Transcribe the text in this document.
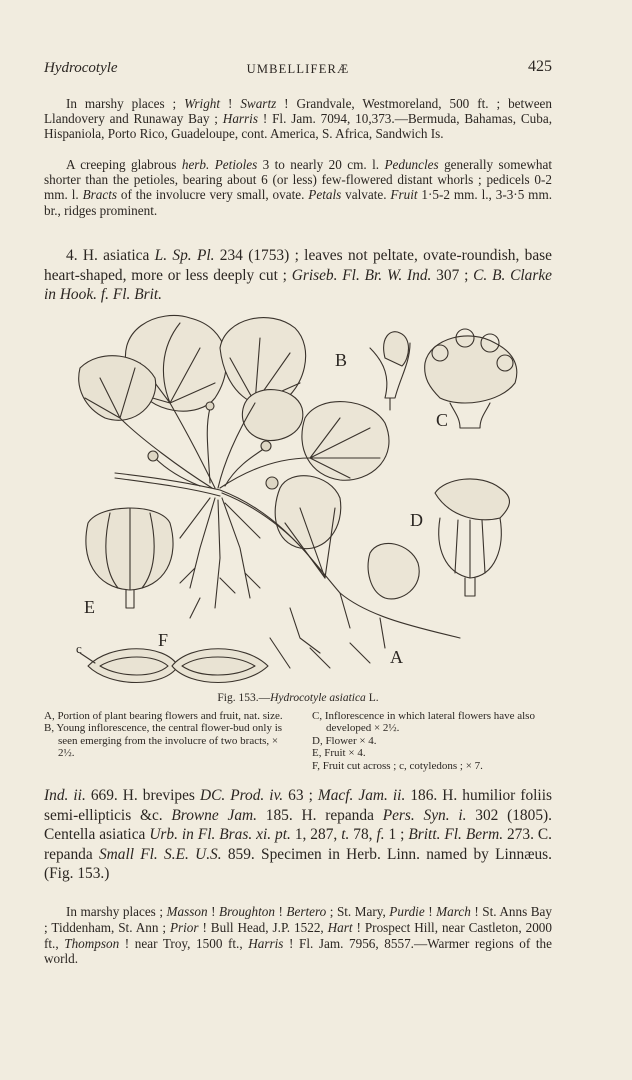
Hydrocotyle	UMBELLIFERÆ	425

In marshy places ; Wright ! Swartz ! Grandvale, Westmoreland, 500 ft. ; between Llandovery and Runaway Bay ; Harris ! Fl. Jam. 7094, 10,373.—Bermuda, Bahamas, Cuba, Hispaniola, Porto Rico, Guadeloupe, cont. America, S. Africa, Sandwich Is.

A creeping glabrous herb. Petioles 3 to nearly 20 cm. l. Peduncles generally somewhat shorter than the petioles, bearing about 6 (or less) few-flowered distant whorls ; pedicels 0-2 mm. l. Bracts of the involucre very small, ovate. Petals valvate. Fruit 1·5-2 mm. l., 3-3·5 mm. br., ridges prominent.

4. H. asiatica L. Sp. Pl. 234 (1753) ; leaves not peltate, ovate-roundish, base heart-shaped, more or less deeply cut ; Griseb. Fl. Br. W. Ind. 307 ; C. B. Clarke in Hook. f. Fl. Brit.

B
C
D
E
F
A
c
Fig. 153.—Hydrocotyle asiatica L.
A, Portion of plant bearing flowers and fruit, nat. size.
B, Young inflorescence, the central flower-bud only is seen emerging from the involucre of two bracts, × 2½.
C, Inflorescence in which lateral flowers have also developed × 2½.
D, Flower × 4.
E, Fruit × 4.
F, Fruit cut across ; c, cotyledons ; × 7.

Ind. ii. 669. H. brevipes DC. Prod. iv. 63 ; Macf. Jam. ii. 186. H. humilior foliis semi-ellipticis &c. Browne Jam. 185. H. repanda Pers. Syn. i. 302 (1805). Centella asiatica Urb. in Fl. Bras. xi. pt. 1, 287, t. 78, f. 1 ; Britt. Fl. Berm. 273. C. repanda Small Fl. S.E. U.S. 859. Specimen in Herb. Linn. named by Linnæus. (Fig. 153.)

In marshy places ; Masson ! Broughton ! Bertero ; St. Mary, Purdie ! March ! St. Anns Bay ; Tiddenham, St. Ann ; Prior ! Bull Head, J.P. 1522, Hart ! Prospect Hill, near Castleton, 2000 ft., Thompson ! near Troy, 1500 ft., Harris ! Fl. Jam. 7956, 8557.—Warmer regions of the world.
